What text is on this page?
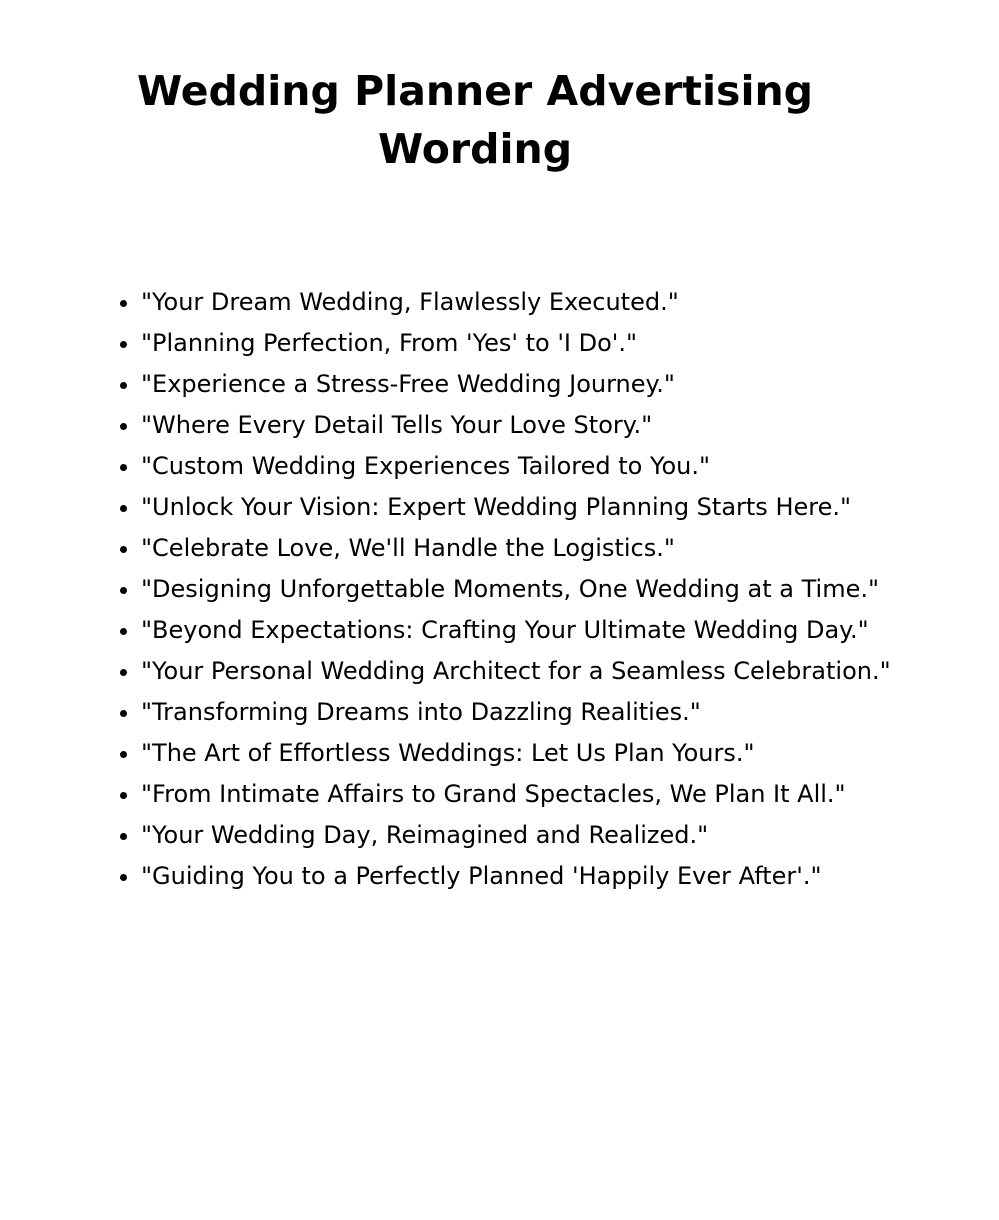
Wedding Planner Advertising Wording
• "Your Dream Wedding, Flawlessly Executed."
• "Planning Perfection, From 'Yes' to 'I Do'."
• "Experience a Stress-Free Wedding Journey."
• "Where Every Detail Tells Your Love Story."
• "Custom Wedding Experiences Tailored to You."
• "Unlock Your Vision: Expert Wedding Planning Starts Here."
• "Celebrate Love, We'll Handle the Logistics."
• "Designing Unforgettable Moments, One Wedding at a Time."
• "Beyond Expectations: Crafting Your Ultimate Wedding Day."
• "Your Personal Wedding Architect for a Seamless Celebration."
• "Transforming Dreams into Dazzling Realities."
• "The Art of Effortless Weddings: Let Us Plan Yours."
• "From Intimate Affairs to Grand Spectacles, We Plan It All."
• "Your Wedding Day, Reimagined and Realized."
• "Guiding You to a Perfectly Planned 'Happily Ever After'."
